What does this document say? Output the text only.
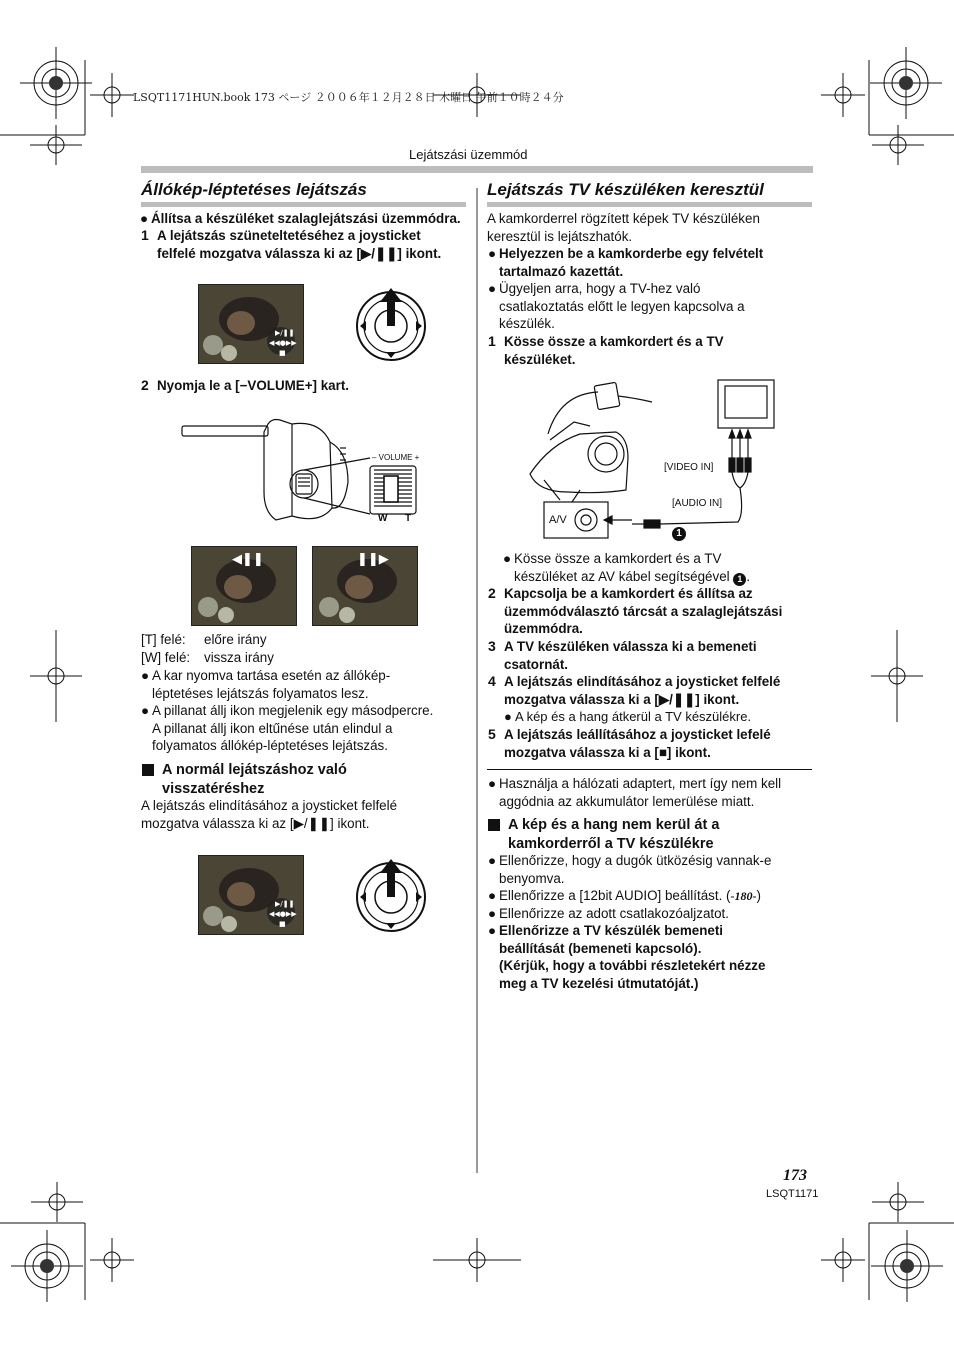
LSQT1171HUN.book 173 ページ ２００６年１２月２８日 木曜日 午前１０時２４分
Lejátszási üzemmód
Állókép-léptetéses lejátszás
● Állítsa a készüléket szalaglejátszási üzemmódra.
1 A lejátszás szüneteltetéséhez a joysticket
felfelé mozgatva válassza ki az [▶/❚❚] ikont.
▶/❚❚
◀◀●▶▶
■
2 Nyomja le a [−VOLUME+] kart.
– VOLUME +
W T
◀❚❚	❚❚▶
[T] felé: előre irány
[W] felé: vissza irány
● A kar nyomva tartása esetén az állókép-
léptetéses lejátszás folyamatos lesz.
● A pillanat állj ikon megjelenik egy másodpercre.
A pillanat állj ikon eltűnése után elindul a
folyamatos állókép-léptetéses lejátszás.
A normál lejátszáshoz való
visszatéréshez
A lejátszás elindításához a joysticket felfelé
mozgatva válassza ki az [▶/❚❚] ikont.
▶/❚❚
◀◀●▶▶
■
Lejátszás TV készüléken keresztül
A kamkorderrel rögzített képek TV készüléken
keresztül is lejátszhatók.
● Helyezzen be a kamkorderbe egy felvételt
tartalmazó kazettát.
● Ügyeljen arra, hogy a TV-hez való
csatlakoztatás előtt le legyen kapcsolva a
készülék.
1 Kösse össze a kamkordert és a TV
készüléket.
[VIDEO IN]
[AUDIO IN]
A/V
1
● Kösse össze a kamkordert és a TV
készüléket az AV kábel segítségével 1 .
2 Kapcsolja be a kamkordert és állítsa az
üzemmódválasztó tárcsát a szalaglejátszási
üzemmódra.
3 A TV készüléken válassza ki a bemeneti
csatornát.
4 A lejátszás elindításához a joysticket felfelé
mozgatva válassza ki a [▶/❚❚] ikont.
● A kép és a hang átkerül a TV készülékre.
5 A lejátszás leállításához a joysticket lefelé
mozgatva válassza ki a [■] ikont.
● Használja a hálózati adaptert, mert így nem kell
aggódnia az akkumulátor lemerülése miatt.
A kép és a hang nem kerül át a
kamkorderről a TV készülékre
● Ellenőrizze, hogy a dugók ütközésig vannak-e
benyomva.
● Ellenőrizze a [12bit AUDIO] beállítást. (-180-)
● Ellenőrizze az adott csatlakozóaljzatot.
● Ellenőrizze a TV készülék bemeneti
beállítását (bemeneti kapcsoló).
(Kérjük, hogy a további részletekért nézze
meg a TV kezelési útmutatóját.)
173
LSQT1171
